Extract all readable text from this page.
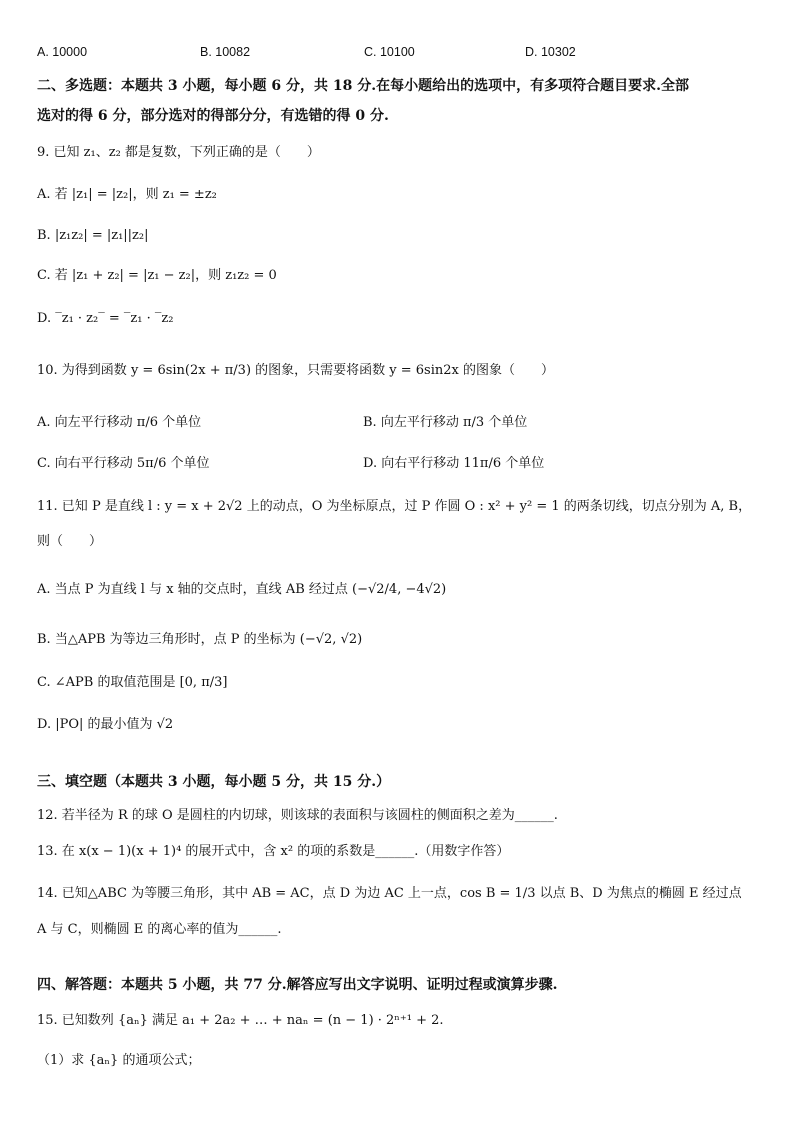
A. 10000	B. 10082	C. 10100	D. 10302
二、多选题：本题共 3 小题，每小题 6 分，共 18 分.在每小题给出的选项中，有多项符合题目要求.全部
选对的得 6 分，部分选对的得部分分，有选错的得 0 分.
9. 已知 z₁、z₂ 都是复数，下列正确的是（　　）
A. 若 |z₁| = |z₂|，则 z₁ = ±z₂
B. |z₁z₂| = |z₁||z₂|
C. 若 |z₁ + z₂| = |z₁ − z₂|，则 z₁z₂ = 0
D. ‾z₁ · z₂‾ = ‾z₁ · ‾z₂
10. 为得到函数 y = 6sin(2x + π/3) 的图象，只需要将函数 y = 6sin2x 的图象（　　）
A. 向左平行移动 π/6 个单位	B. 向左平行移动 π/3 个单位
C. 向右平行移动 5π/6 个单位	D. 向右平行移动 11π/6 个单位
11. 已知 P 是直线 l : y = x + 2√2 上的动点，O 为坐标原点，过 P 作圆 O : x² + y² = 1 的两条切线，切点分别为 A, B，
则（　　）
A. 当点 P 为直线 l 与 x 轴的交点时，直线 AB 经过点 (−√2/4, −4√2)
B. 当△APB 为等边三角形时，点 P 的坐标为 (−√2, √2)
C. ∠APB 的取值范围是 [0, π/3]
D. |PO| 的最小值为 √2
三、填空题（本题共 3 小题，每小题 5 分，共 15 分.）
12. 若半径为 R 的球 O 是圆柱的内切球，则该球的表面积与该圆柱的侧面积之差为______.
13. 在 x(x − 1)(x + 1)⁴ 的展开式中，含 x² 的项的系数是______.（用数字作答）
14. 已知△ABC 为等腰三角形，其中 AB = AC，点 D 为边 AC 上一点，cos B = 1/3 以点 B、D 为焦点的椭圆 E 经过点
A 与 C，则椭圆 E 的离心率的值为______.
四、解答题：本题共 5 小题，共 77 分.解答应写出文字说明、证明过程或演算步骤.
15. 已知数列 {aₙ} 满足 a₁ + 2a₂ + … + naₙ = (n − 1) · 2ⁿ⁺¹ + 2.
（1）求 {aₙ} 的通项公式；
